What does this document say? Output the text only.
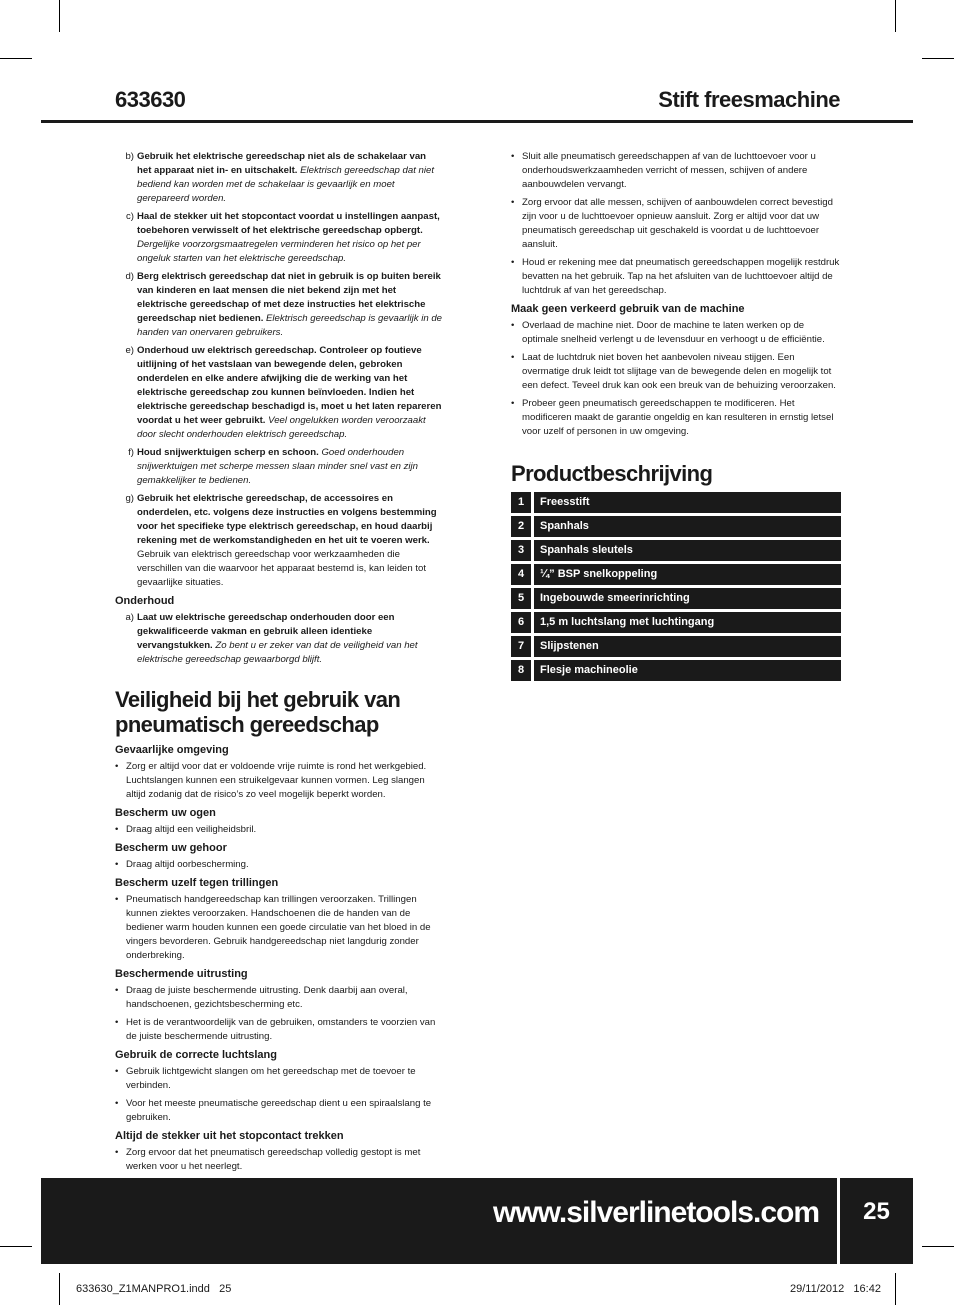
633630	Stift freesmachine
b) Gebruik het elektrische gereedschap niet als de schakelaar van het apparaat niet in- en uitschakelt. Elektrisch gereedschap dat niet bediend kan worden met de schakelaar is gevaarlijk en moet gerepareerd worden.
c) Haal de stekker uit het stopcontact voordat u instellingen aanpast, toebehoren verwisselt of het elektrische gereedschap opbergt. Dergelijke voorzorgsmaatregelen verminderen het risico op het per ongeluk starten van het elektrische gereedschap.
d) Berg elektrisch gereedschap dat niet in gebruik is op buiten bereik van kinderen en laat mensen die niet bekend zijn met het elektrische gereedschap of met deze instructies het elektrische gereedschap niet bedienen. Elektrisch gereedschap is gevaarlijk in de handen van onervaren gebruikers.
e) Onderhoud uw elektrisch gereedschap. Controleer op foutieve uitlijning of het vastslaan van bewegende delen, gebroken onderdelen en elke andere afwijking die de werking van het elektrische gereedschap zou kunnen beïnvloeden. Indien het elektrische gereedschap beschadigd is, moet u het laten repareren voordat u het weer gebruikt. Veel ongelukken worden veroorzaakt door slecht onderhouden elektrisch gereedschap.
f) Houd snijwerktuigen scherp en schoon. Goed onderhouden snijwerktuigen met scherpe messen slaan minder snel vast en zijn gemakkelijker te bedienen.
g) Gebruik het elektrische gereedschap, de accessoires en onderdelen, etc. volgens deze instructies en volgens bestemming voor het specifieke type elektrisch gereedschap, en houd daarbij rekening met de werkomstandigheden en het uit te voeren werk. Gebruik van elektrisch gereedschap voor werkzaamheden die verschillen van die waarvoor het apparaat bestemd is, kan leiden tot gevaarlijke situaties.
Onderhoud
a) Laat uw elektrische gereedschap onderhouden door een gekwalificeerde vakman en gebruik alleen identieke vervangstukken. Zo bent u er zeker van dat de veiligheid van het elektrische gereedschap gewaarborgd blijft.
Veiligheid bij het gebruik van pneumatisch gereedschap
Gevaarlijke omgeving
• Zorg er altijd voor dat er voldoende vrije ruimte is rond het werkgebied. Luchtslangen kunnen een struikelgevaar kunnen vormen. Leg slangen altijd zodanig dat de risico’s zo veel mogelijk beperkt worden.
Bescherm uw ogen
• Draag altijd een veiligheidsbril.
Bescherm uw gehoor
• Draag altijd oorbescherming.
Bescherm uzelf tegen trillingen
• Pneumatisch handgereedschap kan trillingen veroorzaken. Trillingen kunnen ziektes veroorzaken. Handschoenen die de handen van de bediener warm houden kunnen een goede circulatie van het bloed in de vingers bevorderen. Gebruik handgereedschap niet langdurig zonder onderbreking.
Beschermende uitrusting
• Draag de juiste beschermende uitrusting. Denk daarbij aan overal, handschoenen, gezichtsbescherming etc.
• Het is de verantwoordelijk van de gebruiken, omstanders te voorzien van de juiste beschermende uitrusting.
Gebruik de correcte luchtslang
• Gebruik lichtgewicht slangen om het gereedschap met de toevoer te verbinden.
• Voor het meeste pneumatische gereedschap dient u een spiraalslang te gebruiken.
Altijd de stekker uit het stopcontact trekken
• Zorg ervoor dat het pneumatisch gereedschap volledig gestopt is met werken voor u het neerlegt.
• Sluit alle pneumatisch gereedschappen af van de luchttoevoer voor u onderhoudswerkzaamheden verricht of messen, schijven of andere aanbouwdelen vervangt.
• Zorg ervoor dat alle messen, schijven of aanbouwdelen correct bevestigd zijn voor u de luchttoevoer opnieuw aansluit. Zorg er altijd voor dat uw pneumatisch gereedschap uit geschakeld is voordat u de luchttoevoer aansluit.
• Houd er rekening mee dat pneumatisch gereedschappen mogelijk restdruk bevatten na het gebruik. Tap na het afsluiten van de luchttoevoer altijd de luchtdruk af van het gereedschap.
Maak geen verkeerd gebruik van de machine
• Overlaad de machine niet. Door de machine te laten werken op de optimale snelheid verlengt u de levensduur en verhoogt u de efficiëntie.
• Laat de luchtdruk niet boven het aanbevolen niveau stijgen. Een overmatige druk leidt tot slijtage van de bewegende delen en mogelijk tot een defect. Teveel druk kan ook een breuk van de behuizing veroorzaken.
• Probeer geen pneumatisch gereedschappen te modificeren. Het modificeren maakt de garantie ongeldig en kan resulteren in ernstig letsel voor uzelf of personen in uw omgeving.
Productbeschrijving
1	Freesstift
2	Spanhals
3	Spanhals sleutels
4	¼” BSP snelkoppeling
5	Ingebouwde smeerinrichting
6	1,5 m luchtslang met luchtingang
7	Slijpstenen
8	Flesje machineolie
www.silverlinetools.com	25
633630_Z1MANPRO1.indd   25	29/11/2012   16:42
